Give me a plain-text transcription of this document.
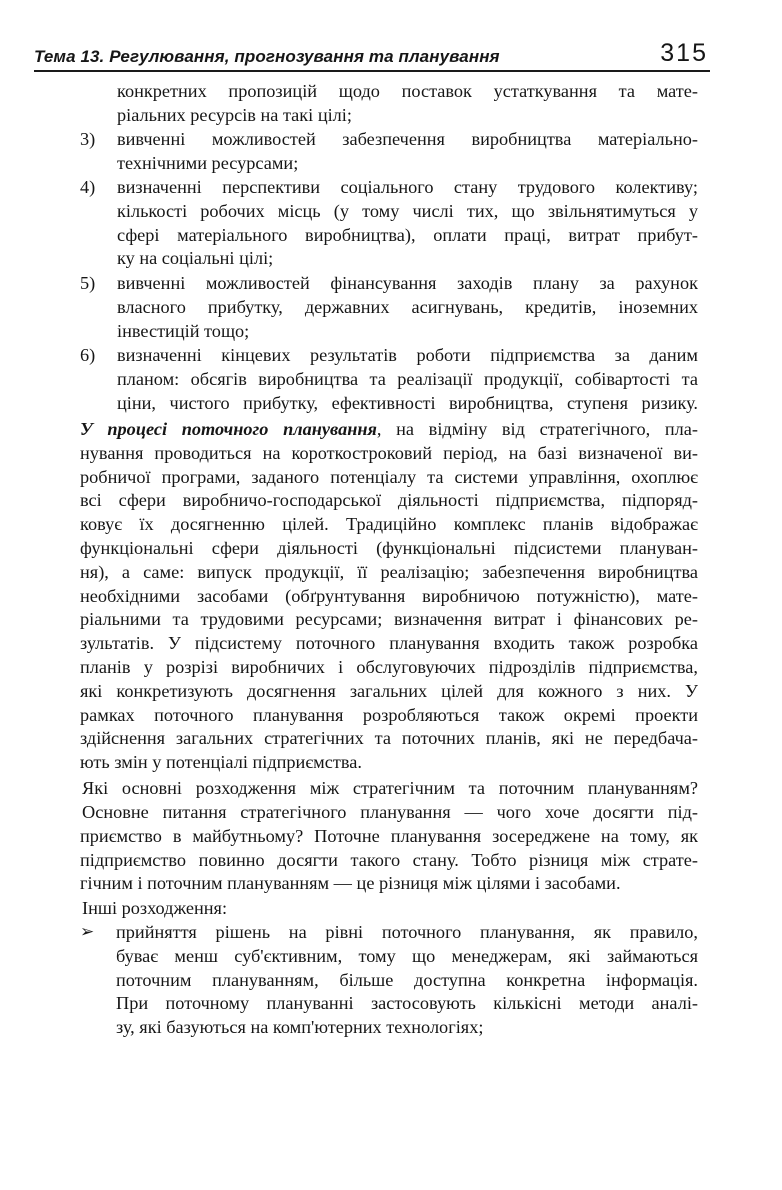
Тема 13. Регулювання, прогнозування та планування	315
конкретних пропозицій щодо поставок устаткування та мате-
ріальних ресурсів на такі цілі;
3) вивченні можливостей забезпечення виробництва матеріально-
технічними ресурсами;
4) визначенні перспективи соціального стану трудового колективу;
кількості робочих місць (у тому числі тих, що звільнятимуться у
сфері матеріального виробництва), оплати праці, витрат прибут-
ку на соціальні цілі;
5) вивченні можливостей фінансування заходів плану за рахунок
власного прибутку, державних асигнувань, кредитів, іноземних
інвестицій тощо;
6) визначенні кінцевих результатів роботи підприємства за даним
планом: обсягів виробництва та реалізації продукції, собівартості та
ціни, чистого прибутку, ефективності виробництва, ступеня ризику.
У процесі поточного планування, на відміну від стратегічного, пла-
нування проводиться на короткостроковий період, на базі визначеної ви-
робничої програми, заданого потенціалу та системи управління, охоплює
всі сфери виробничо-господарської діяльності підприємства, підпоряд-
ковує їх досягненню цілей. Традиційно комплекс планів відображає
функціональні сфери діяльності (функціональні підсистеми плануван-
ня), а саме: випуск продукції, її реалізацію; забезпечення виробництва
необхідними засобами (обґрунтування виробничою потужністю), мате-
ріальними та трудовими ресурсами; визначення витрат і фінансових ре-
зультатів. У підсистему поточного планування входить також розробка
планів у розрізі виробничих і обслуговуючих підрозділів підприємства,
які конкретизують досягнення загальних цілей для кожного з них. У
рамках поточного планування розробляються також окремі проекти
здійснення загальних стратегічних та поточних планів, які не передбача-
ють змін у потенціалі підприємства.
Які основні розходження між стратегічним та поточним плануванням?
Основне питання стратегічного планування — чого хоче досягти під-
приємство в майбутньому? Поточне планування зосереджене на тому, як
підприємство повинно досягти такого стану. Тобто різниця між страте-
гічним і поточним плануванням — це різниця між цілями і засобами.
Інші розходження:
➢ прийняття рішень на рівні поточного планування, як правило,
буває менш суб'єктивним, тому що менеджерам, які займаються
поточним плануванням, більше доступна конкретна інформація.
При поточному плануванні застосовують кількісні методи аналі-
зу, які базуються на комп'ютерних технологіях;
